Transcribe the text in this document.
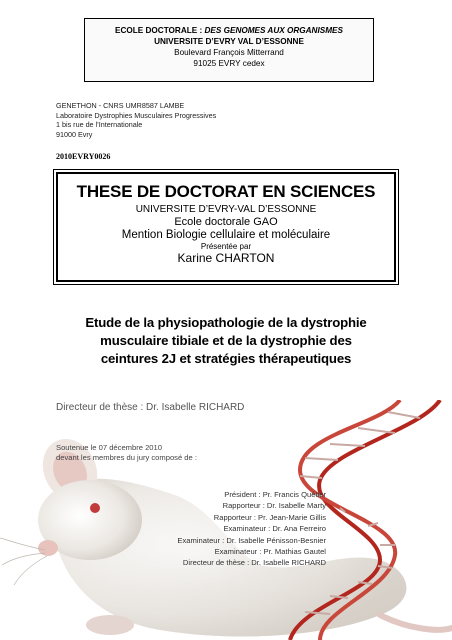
ECOLE DOCTORALE : DES GENOMES AUX ORGANISMES
UNIVERSITE D’EVRY VAL D’ESSONNE
Boulevard François Mitterrand
91025 EVRY cedex
GENETHON - CNRS UMR8587 LAMBE
Laboratoire Dystrophies Musculaires Progressives
1 bis rue de l’Internationale
91000 Evry
2010EVRY0026
THESE DE DOCTORAT EN SCIENCES
UNIVERSITE D’EVRY-VAL D’ESSONNE
Ecole doctorale GAO
Mention Biologie cellulaire et moléculaire
Présentée par
Karine CHARTON
Etude de la physiopathologie de la dystrophie
musculaire tibiale et de la dystrophie des
ceintures 2J et stratégies thérapeutiques
Directeur de thèse : Dr. Isabelle RICHARD
Soutenue le 07 décembre 2010
devant les membres du jury composé de :
Président : Pr. Francis Quétier
Rapporteur : Dr. Isabelle Marty
Rapporteur : Pr. Jean-Marie Gillis
Examinateur : Dr. Ana Ferreiro
Examinateur : Dr. Isabelle Pénisson-Besnier
Examinateur : Pr. Mathias Gautel
Directeur de thèse : Dr. Isabelle RICHARD
